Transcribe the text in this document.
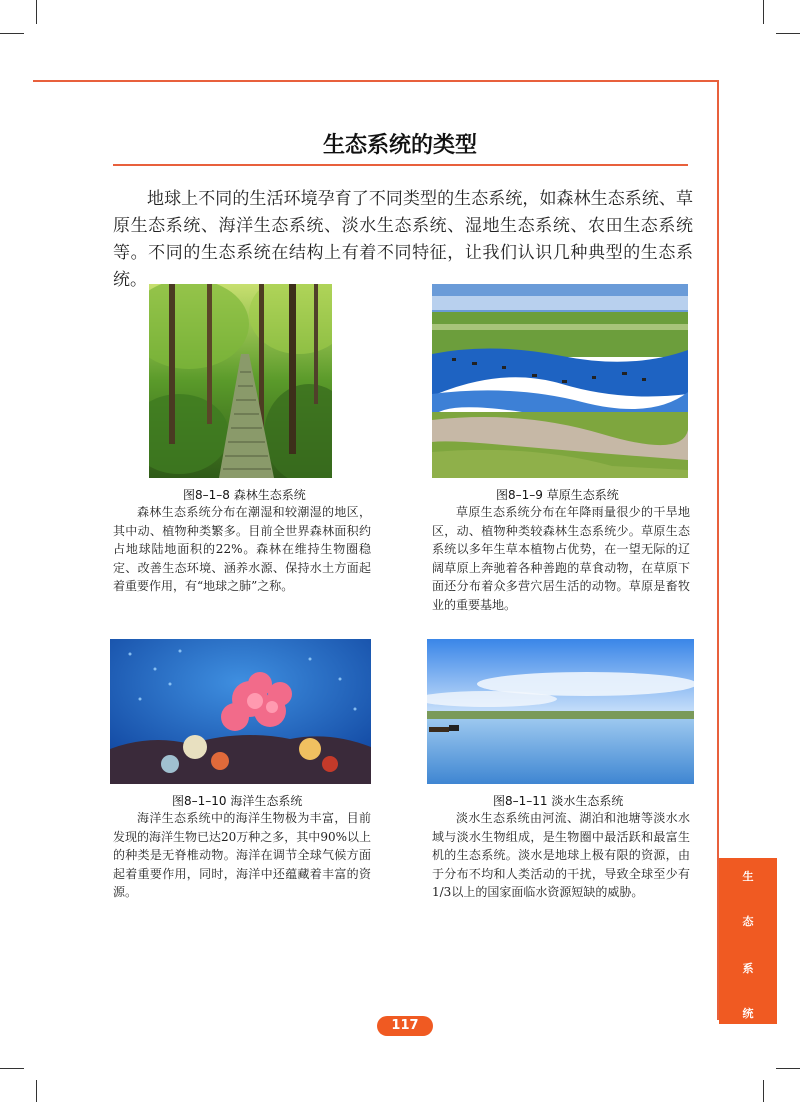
生态系统的类型

地球上不同的生活环境孕育了不同类型的生态系统，如森林生态系统、草原生态系统、海洋生态系统、淡水生态系统、湿地生态系统、农田生态系统等。不同的生态系统在结构上有着不同特征，让我们认识几种典型的生态系统。

图8–1–8 森林生态系统

森林生态系统分布在潮湿和较潮湿的地区，其中动、植物种类繁多。目前全世界森林面积约占地球陆地面积的22%。森林在维持生物圈稳定、改善生态环境、涵养水源、保持水土方面起着重要作用，有“地球之肺”之称。

图8–1–9 草原生态系统

草原生态系统分布在年降雨量很少的干旱地区，动、植物种类较森林生态系统少。草原生态系统以多年生草本植物占优势，在一望无际的辽阔草原上奔驰着各种善跑的草食动物，在草原下面还分布着众多营穴居生活的动物。草原是畜牧业的重要基地。

图8–1–10 海洋生态系统

海洋生态系统中的海洋生物极为丰富，目前发现的海洋生物已达20万种之多，其中90%以上的种类是无脊椎动物。海洋在调节全球气候方面起着重要作用，同时，海洋中还蕴藏着丰富的资源。

图8–1–11 淡水生态系统

淡水生态系统由河流、湖泊和池塘等淡水水域与淡水生物组成，是生物圈中最活跃和最富生机的生态系统。淡水是地球上极有限的资源，由于分布不均和人类活动的干扰，导致全球至少有1/3以上的国家面临水资源短缺的威胁。

生
态
系
统
117
